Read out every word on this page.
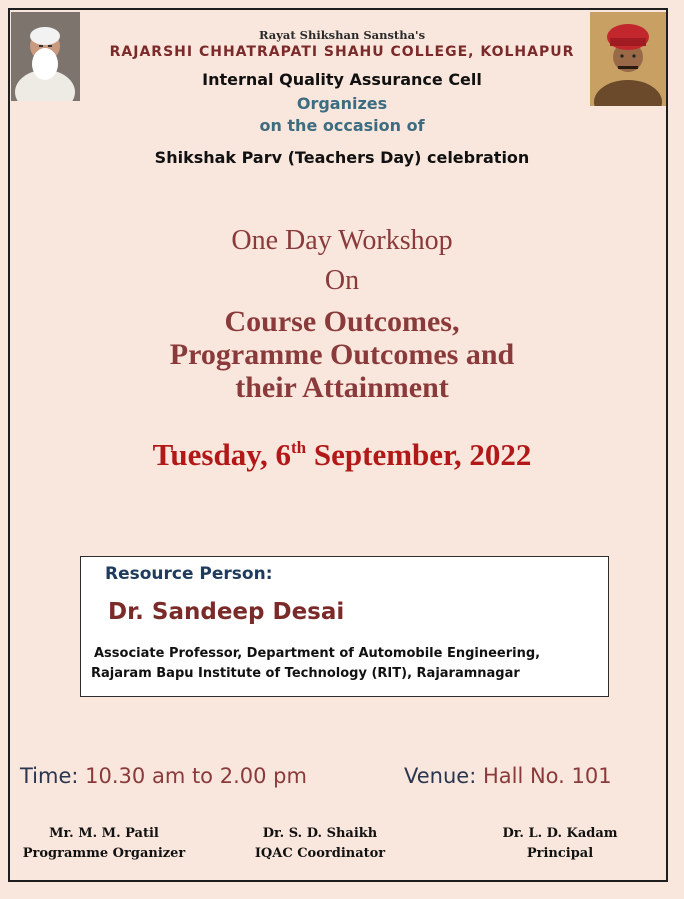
Rayat Shikshan Sanstha's
RAJARSHI CHHATRAPATI SHAHU COLLEGE, KOLHAPUR
Internal Quality Assurance Cell
Organizes
on the occasion of
Shikshak Parv (Teachers Day) celebration
One Day Workshop
On
Course Outcomes,
Programme Outcomes and
their Attainment
Tuesday, 6th September, 2022
Resource Person:
Dr. Sandeep Desai
Associate Professor, Department of Automobile Engineering,
Rajaram Bapu Institute of Technology (RIT), Rajaramnagar
Time: 10.30 am to 2.00 pm	Venue: Hall No. 101
Mr. M. M. Patil
Programme Organizer
Dr. S. D. Shaikh
IQAC Coordinator
Dr. L. D. Kadam
Principal
